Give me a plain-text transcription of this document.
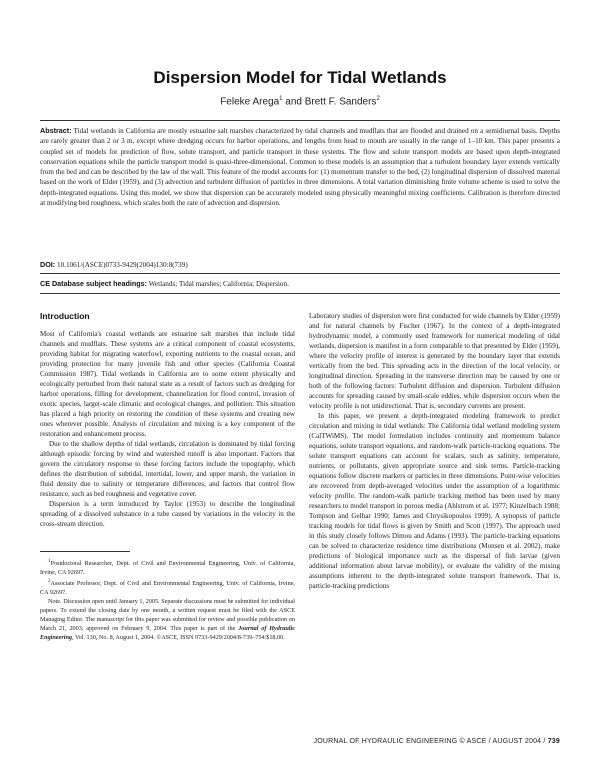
Dispersion Model for Tidal Wetlands
Feleke Arega$^1$ and Brett F. Sanders$^2$
Abstract: Tidal wetlands in California are mostly estuarine salt marshes characterized by tidal channels and mudflats that are flooded and drained on a semidiurnal basis. Depths are rarely greater than 2 or 3 m, except where dredging occurs for harbor operations, and lengths from head to mouth are usually in the range of 1–10 km. This paper presents a coupled set of models for prediction of flow, solute transport, and particle transport in these systems. The flow and solute transport models are based upon depth-integrated conservation equations while the particle transport model is quasi-three-dimensional. Common to these models is an assumption that a turbulent boundary layer extends vertically from the bed and can be described by the law of the wall. This feature of the model accounts for: (1) momentum transfer to the bed, (2) longitudinal dispersion of dissolved material based on the work of Elder (1959), and (3) advection and turbulent diffusion of particles in three dimensions. A total variation diminishing finite volume scheme is used to solve the depth-integrated equations. Using this model, we show that dispersion can be accurately modeled using physically meaningful mixing coefficients. Calibration is therefore directed at modifying bed roughness, which scales both the rate of advection and dispersion.
DOI: 10.1061/(ASCE)0733-9429(2004)130:8(739)
CE Database subject headings: Wetlands; Tidal marshes; California; Dispersion.
Introduction

Most of California's coastal wetlands are estuarine salt marshes that include tidal channels and mudflats. These systems are a critical component of coastal ecosystems, providing habitat for migrating waterfowl, exporting nutrients to the coastal ocean, and providing protection for many juvenile fish and other species (California Coastal Commission 1987). Tidal wetlands in California are to some extent physically and ecologically perturbed from their natural state as a result of factors such as dredging for harbor operations, filling for development, channelization for flood control, invasion of exotic species, larger-scale climatic and ecological changes, and pollution. This situation has placed a high priority on restoring the condition of these systems and creating new ones wherever possible. Analysis of circulation and mixing is a key component of the restoration and enhancement process.

Due to the shallow depths of tidal wetlands, circulation is dominated by tidal forcing although episodic forcing by wind and watershed runoff is also important. Factors that govern the circulatory response to these forcing factors include the topography, which defines the distribution of subtidal, intertidal, lower, and upper marsh, the variation in fluid density due to salinity or temperature differences, and factors that control flow resistance, such as bed roughness and vegetative cover.

Dispersion is a term introduced by Taylor (1953) to describe the longitudinal spreading of a dissolved substance in a tube caused by variations in the velocity in the cross-stream direction.

$^1$Postdoctoral Researcher, Dept. of Civil and Environmental Engineering, Univ. of California, Irvine, CA 92697.
$^2$Associate Professor, Dept. of Civil and Environmental Engineering, Univ. of California, Irvine, CA 92697.
Note. Discussion open until January 1, 2005. Separate discussions must be submitted for individual papers. To extend the closing date by one month, a written request must be filed with the ASCE Managing Editor. The manuscript for this paper was submitted for review and possible publication on March 21, 2003; approved on February 9, 2004. This paper is part of the Journal of Hydraulic Engineering, Vol. 130, No. 8, August 1, 2004. ©ASCE, ISSN 0733-9429/2004/8-739–754/$18.00.

Laboratory studies of dispersion were first conducted for wide channels by Elder (1959) and for natural channels by Fischer (1967). In the context of a depth-integrated hydrodynamic model, a commonly used framework for numerical modeling of tidal wetlands, dispersion is manifest in a form comparable to that presented by Elder (1959), where the velocity profile of interest is generated by the boundary layer that extends vertically from the bed. This spreading acts in the direction of the local velocity, or longitudinal direction. Spreading in the transverse direction may be caused by one or both of the following factors: Turbulent diffusion and dispersion. Turbulent diffusion accounts for spreading caused by small-scale eddies, while dispersion occurs when the velocity profile is not unidirectional. That is, secondary currents are present.

In this paper, we present a depth-integrated modeling framework to predict circulation and mixing in tidal wetlands: The California tidal wetland modeling system (CalTWiMS). The model formulation includes continuity and momentum balance equations, solute transport equations, and random-walk particle-tracking equations. The solute transport equations can account for scalars, such as salinity, temperature, nutrients, or pollutants, given appropriate source and sink terms. Particle-tracking equations follow discrete markers or particles in three dimensions. Point-wise velocities are recovered from depth-averaged velocities under the assumption of a logarithmic velocity profile. The random-walk particle tracking method has been used by many researchers to model transport in porous media (Ahlstrom et al. 1977; Kinzelbach 1988; Tompson and Gelhar 1990; James and Chrysikopoulos 1999). A synopsis of particle tracking models for tidal flows is given by Smith and Scott (1997). The approach used in this study closely follows Dimou and Adams (1993). The particle-tracking equations can be solved to characterize residence time distributions (Monsen et al. 2002), make predictions of biological importance such as the dispersal of fish larvae (given additional information about larvae mobility), or evaluate the validity of the mixing assumptions inherent to the depth-integrated solute transport framework. That is, particle-tracking predictions

JOURNAL OF HYDRAULIC ENGINEERING © ASCE / AUGUST 2004 / 739
